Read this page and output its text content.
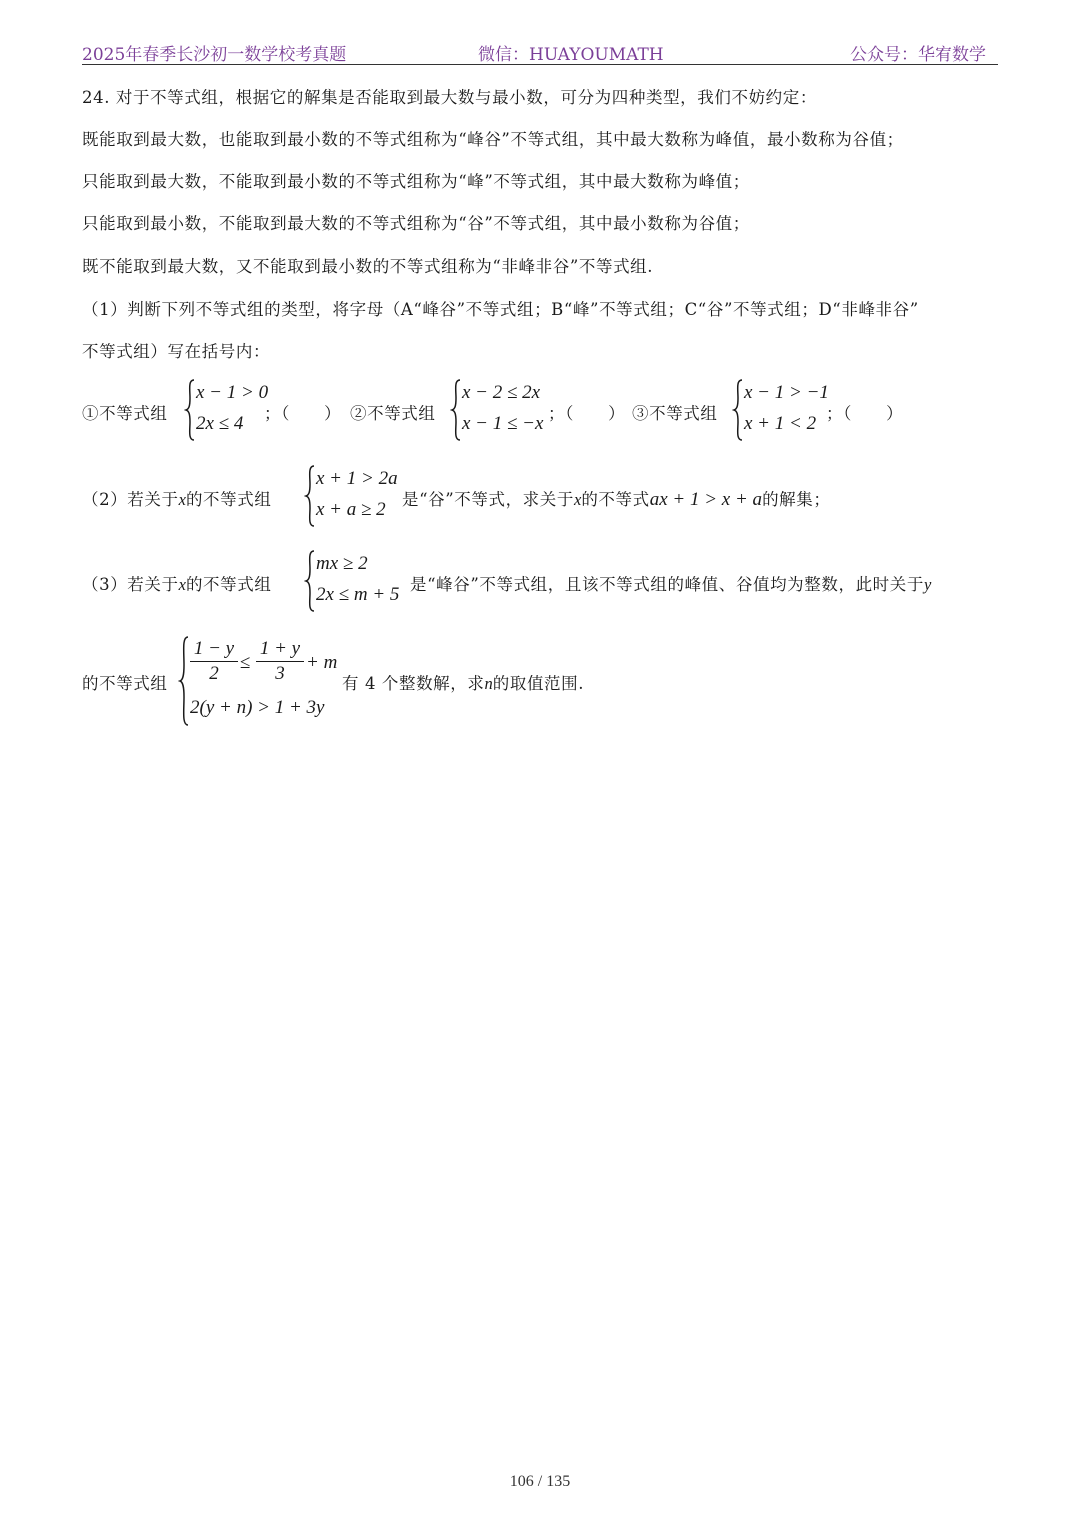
2025年春季长沙初一数学校考真题	微信：HUAYOUMATH	公众号：华宥数学
24. 对于不等式组，根据它的解集是否能取到最大数与最小数，可分为四种类型，我们不妨约定：
既能取到最大数，也能取到最小数的不等式组称为“峰谷”不等式组，其中最大数称为峰值，最小数称为谷值；
只能取到最大数，不能取到最小数的不等式组称为“峰”不等式组，其中最大数称为峰值；
只能取到最小数，不能取到最大数的不等式组称为“谷”不等式组，其中最小数称为谷值；
既不能取到最大数，又不能取到最小数的不等式组称为“非峰非谷”不等式组.
（1）判断下列不等式组的类型，将字母（A“峰谷”不等式组；B“峰”不等式组；C“谷”不等式组；D“非峰非谷”
不等式组）写在括号内：
①不等式组
x − 1 > 0
2x ≤ 4 ；（　　） ②不等式组
x − 2 ≤ 2x
x − 1 ≤ −x ；（　　） ③不等式组
x − 1 > −1
x + 1 < 2 ；（　　）
（2）若关于x的不等式组
x + 1 > 2a
x + a ≥ 2 是“谷”不等式，求关于x的不等式ax + 1 > x + a的解集；
（3）若关于x的不等式组
mx ≥ 2
2x ≤ m + 5 是“峰谷”不等式组，且该不等式组的峰值、谷值均为整数，此时关于y
的不等式组
1 − y
2
≤
1 + y
3
+ m
2(y + n) > 1 + 3y
有 4 个整数解，求n的取值范围.
106 / 135
